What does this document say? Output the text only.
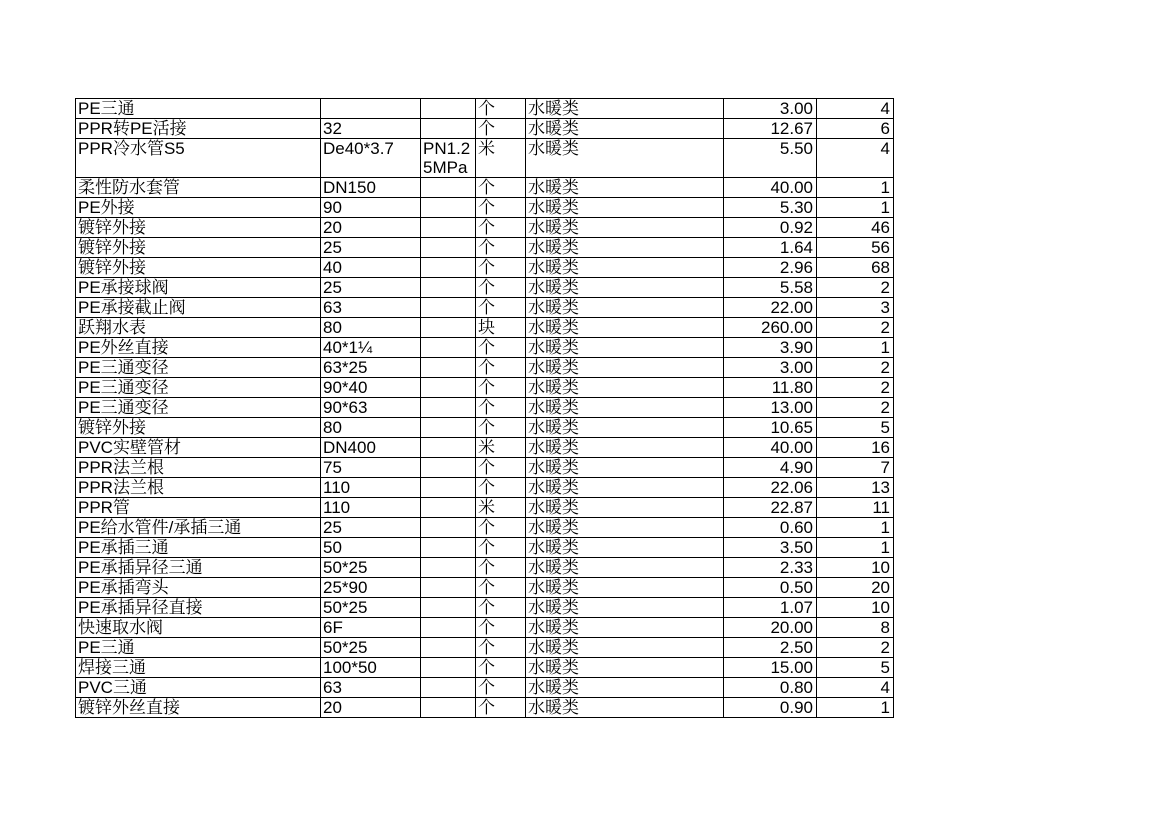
PE三通			个	水暖类	3.00	4
PPR转PE活接	32		个	水暖类	12.67	6
PPR冷水管S5	De40*3.7	PN1.25MPa	米	水暖类	5.50	4
柔性防水套管	DN150		个	水暖类	40.00	1
PE外接	90		个	水暖类	5.30	1
镀锌外接	20		个	水暖类	0.92	46
镀锌外接	25		个	水暖类	1.64	56
镀锌外接	40		个	水暖类	2.96	68
PE承接球阀	25		个	水暖类	5.58	2
PE承接截止阀	63		个	水暖类	22.00	3
跃翔水表	80		块	水暖类	260.00	2
PE外丝直接	40*1¼		个	水暖类	3.90	1
PE三通变径	63*25		个	水暖类	3.00	2
PE三通变径	90*40		个	水暖类	11.80	2
PE三通变径	90*63		个	水暖类	13.00	2
镀锌外接	80		个	水暖类	10.65	5
PVC实壁管材	DN400		米	水暖类	40.00	16
PPR法兰根	75		个	水暖类	4.90	7
PPR法兰根	110		个	水暖类	22.06	13
PPR管	110		米	水暖类	22.87	11
PE给水管件/承插三通	25		个	水暖类	0.60	1
PE承插三通	50		个	水暖类	3.50	1
PE承插异径三通	50*25		个	水暖类	2.33	10
PE承插弯头	25*90		个	水暖类	0.50	20
PE承插异径直接	50*25		个	水暖类	1.07	10
快速取水阀	6F		个	水暖类	20.00	8
PE三通	50*25		个	水暖类	2.50	2
焊接三通	100*50		个	水暖类	15.00	5
PVC三通	63		个	水暖类	0.80	4
镀锌外丝直接	20		个	水暖类	0.90	1
